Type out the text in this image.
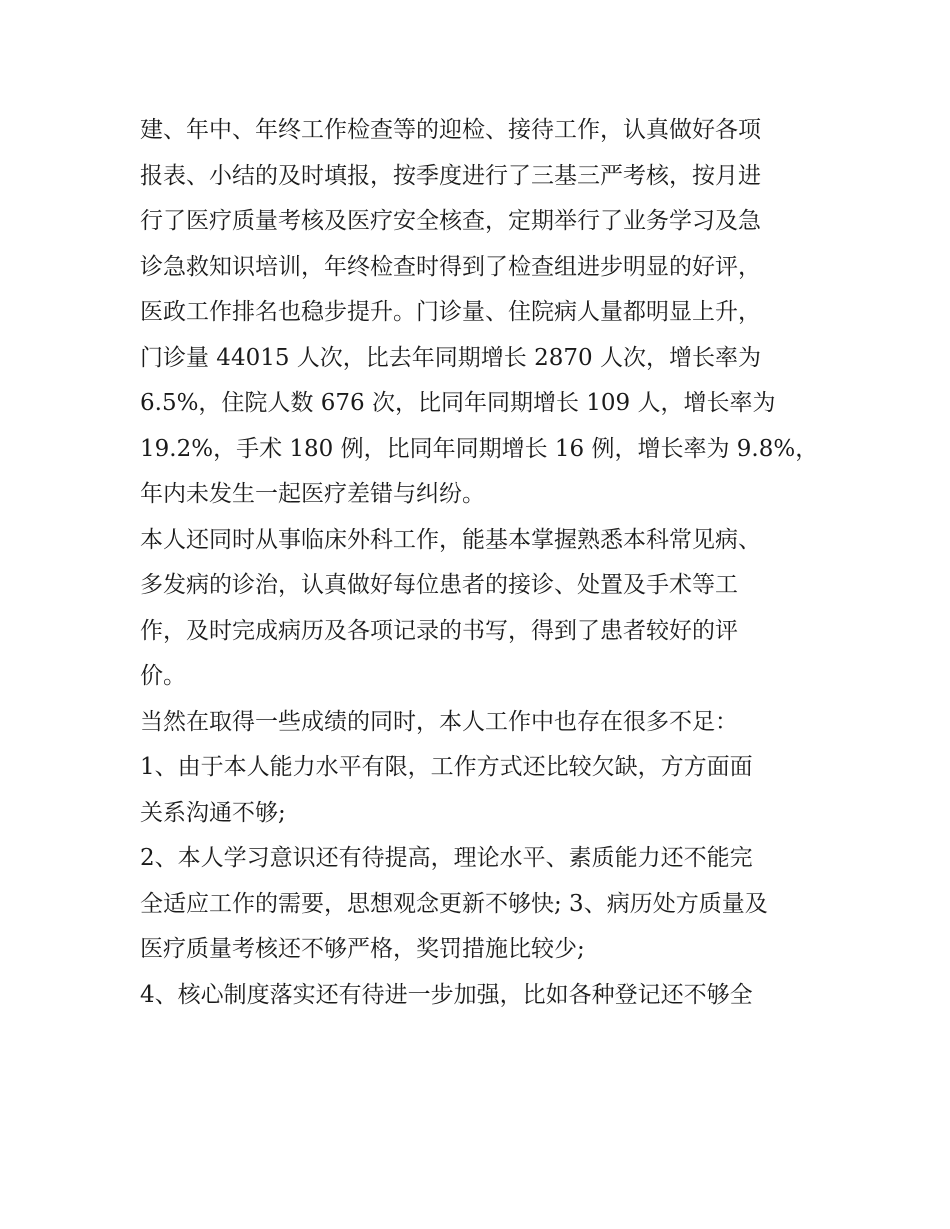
建、年中、年终工作检查等的迎检、接待工作，认真做好各项
报表、小结的及时填报，按季度进行了三基三严考核，按月进
行了医疗质量考核及医疗安全核查，定期举行了业务学习及急
诊急救知识培训，年终检查时得到了检查组进步明显的好评，
医政工作排名也稳步提升。门诊量、住院病人量都明显上升，
门诊量 44015 人次，比去年同期增长 2870 人次，增长率为
6.5%，住院人数 676 次，比同年同期增长 109 人，增长率为
19.2%，手术 180 例，比同年同期增长 16 例，增长率为 9.8%，
年内未发生一起医疗差错与纠纷。
本人还同时从事临床外科工作，能基本掌握熟悉本科常见病、
多发病的诊治，认真做好每位患者的接诊、处置及手术等工
作，及时完成病历及各项记录的书写，得到了患者较好的评
价。
当然在取得一些成绩的同时，本人工作中也存在很多不足：
1、由于本人能力水平有限，工作方式还比较欠缺，方方面面
关系沟通不够;
2、本人学习意识还有待提高，理论水平、素质能力还不能完
全适应工作的需要，思想观念更新不够快; 3、病历处方质量及
医疗质量考核还不够严格，奖罚措施比较少;
4、核心制度落实还有待进一步加强，比如各种登记还不够全
